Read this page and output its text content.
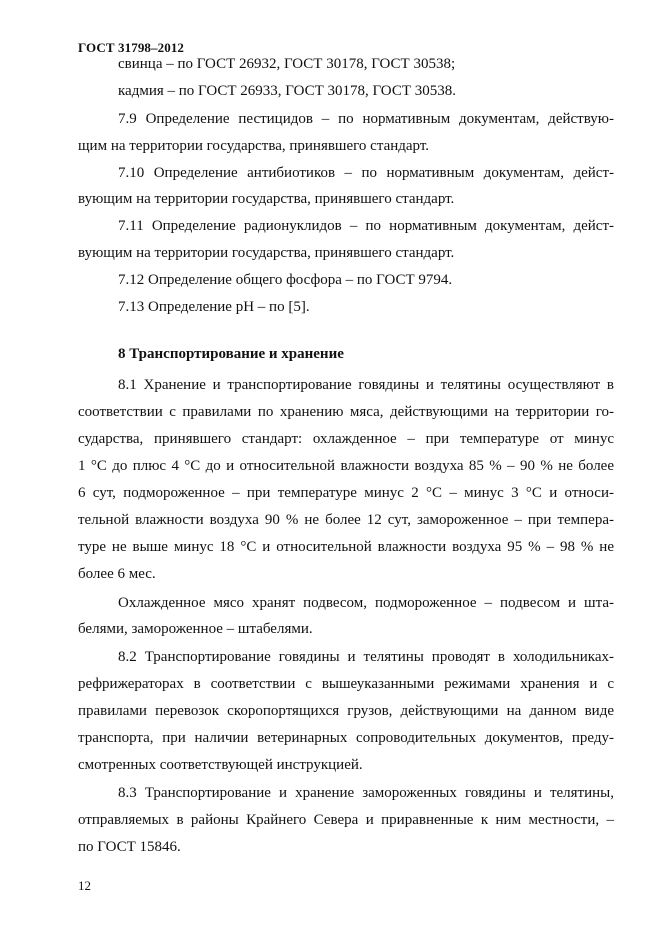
ГОСТ 31798–2012
свинца – по ГОСТ 26932, ГОСТ 30178, ГОСТ 30538;
кадмия – по ГОСТ 26933, ГОСТ 30178, ГОСТ 30538.
7.9 Определение пестицидов – по нормативным документам, действую-
щим на территории государства, принявшего стандарт.
7.10 Определение антибиотиков – по нормативным документам, дейст-
вующим на территории государства, принявшего стандарт.
7.11 Определение радионуклидов – по нормативным документам, дейст-
вующим на территории государства, принявшего стандарт.
7.12 Определение общего фосфора – по ГОСТ 9794.
7.13 Определение pH – по [5].
8 Транспортирование и хранение
8.1 Хранение и транспортирование говядины и телятины осуществляют в
соответствии с правилами по хранению мяса, действующими на территории го-
сударства, принявшего стандарт: охлажденное – при температуре от минус
1 °С до плюс 4 °С до и относительной влажности воздуха 85 % – 90 % не более
6 сут, подмороженное – при температуре минус 2 °С – минус 3 °С и относи-
тельной влажности воздуха 90 % не более 12 сут, замороженное – при темпера-
туре не выше минус 18 °С и относительной влажности воздуха 95 % – 98 % не
более 6 мес.
Охлажденное мясо хранят подвесом, подмороженное – подвесом и шта-
белями, замороженное – штабелями.
8.2 Транспортирование говядины и телятины проводят в холодильниках-
рефрижераторах в соответствии с вышеуказанными режимами хранения и с
правилами перевозок скоропортящихся грузов, действующими на данном виде
транспорта, при наличии ветеринарных сопроводительных документов, преду-
смотренных соответствующей инструкцией.
8.3 Транспортирование и хранение замороженных говядины и телятины,
отправляемых в районы Крайнего Севера и приравненные к ним местности, –
по ГОСТ 15846.
12
